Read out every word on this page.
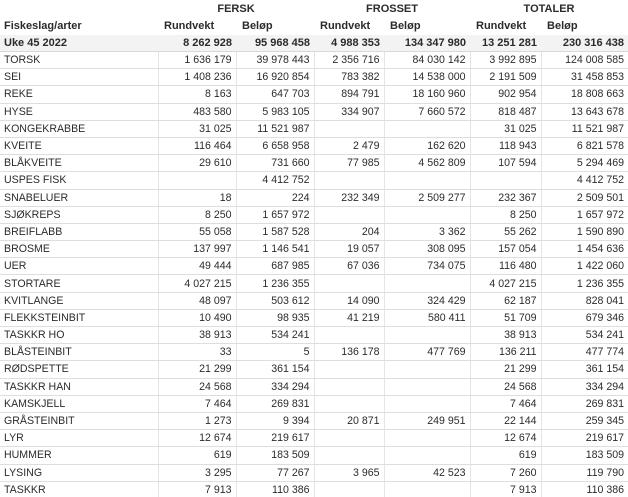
	FERSK		FROSSET		TOTALER	
Fiskeslag/arter	Rundvekt	Beløp	Rundvekt	Beløp	Rundvekt	Beløp
Uke 45 2022	8 262 928	95 968 458	4 988 353	134 347 980	13 251 281	230 316 438
TORSK	1 636 179	39 978 443	2 356 716	84 030 142	3 992 895	124 008 585
SEI	1 408 236	16 920 854	783 382	14 538 000	2 191 509	31 458 853
REKE	8 163	647 703	894 791	18 160 960	902 954	18 808 663
HYSE	483 580	5 983 105	334 907	7 660 572	818 487	13 643 678
KONGEKRABBE	31 025	11 521 987			31 025	11 521 987
KVEITE	116 464	6 658 958	2 479	162 620	118 943	6 821 578
BLÅKVEITE	29 610	731 660	77 985	4 562 809	107 594	5 294 469
USPES FISK		4 412 752				4 412 752
SNABELUER	18	224	232 349	2 509 277	232 367	2 509 501
SJØKREPS	8 250	1 657 972			8 250	1 657 972
BREIFLABB	55 058	1 587 528	204	3 362	55 262	1 590 890
BROSME	137 997	1 146 541	19 057	308 095	157 054	1 454 636
UER	49 444	687 985	67 036	734 075	116 480	1 422 060
STORTARE	4 027 215	1 236 355			4 027 215	1 236 355
KVITLANGE	48 097	503 612	14 090	324 429	62 187	828 041
FLEKKSTEINBIT	10 490	98 935	41 219	580 411	51 709	679 346
TASKKR HO	38 913	534 241			38 913	534 241
BLÅSTEINBIT	33	5	136 178	477 769	136 211	477 774
RØDSPETTE	21 299	361 154			21 299	361 154
TASKKR HAN	24 568	334 294			24 568	334 294
KAMSKJELL	7 464	269 831			7 464	269 831
GRÅSTEINBIT	1 273	9 394	20 871	249 951	22 144	259 345
LYR	12 674	219 617			12 674	219 617
HUMMER	619	183 509			619	183 509
LYSING	3 295	77 267	3 965	42 523	7 260	119 790
TASKKR	7 913	110 386			7 913	110 386
